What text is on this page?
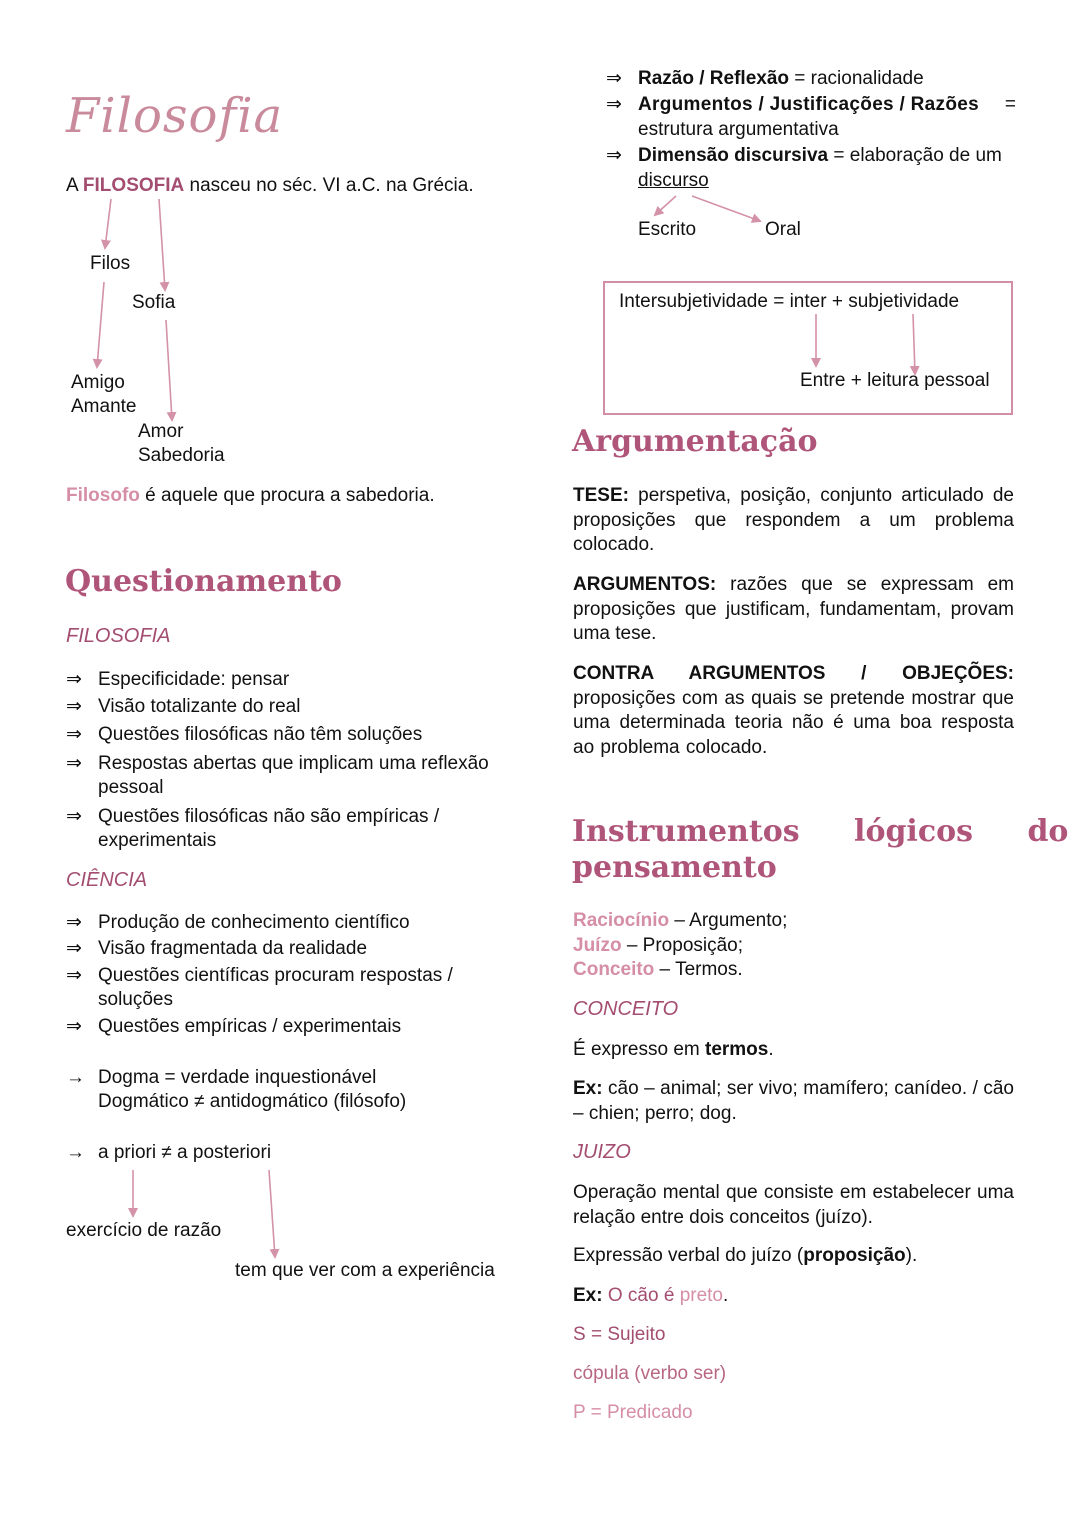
Filosofia
A FILOSOFIA nasceu no séc. VI a.C. na Grécia.
Filos
Sofia
Amigo
Amante
Amor
Sabedoria
Filosofo é aquele que procura a sabedoria.
Questionamento
FILOSOFIA
⇒ Especificidade: pensar
⇒ Visão totalizante do real
⇒ Questões filosóficas não têm soluções
⇒ Respostas abertas que implicam uma reflexão
pessoal
⇒ Questões filosóficas não são empíricas /
experimentais
CIÊNCIA
⇒ Produção de conhecimento científico
⇒ Visão fragmentada da realidade
⇒ Questões científicas procuram respostas /
soluções
⇒ Questões empíricas / experimentais
→ Dogma = verdade inquestionável
Dogmático ≠ antidogmático (filósofo)
→ a priori ≠ a posteriori
exercício de razão
tem que ver com a experiência
⇒ Razão / Reflexão = racionalidade
⇒ Argumentos / Justificações / Razões =
estrutura argumentativa
⇒ Dimensão discursiva = elaboração de um
discurso
Escrito	Oral
Intersubjetividade = inter + subjetividade
Entre + leitura pessoal
Argumentação
TESE: perspetiva, posição, conjunto articulado de proposições que respondem a um problema colocado.
ARGUMENTOS: razões que se expressam em proposições que justificam, fundamentam, provam uma tese.
CONTRA ARGUMENTOS / OBJEÇÕES: proposições com as quais se pretende mostrar que uma determinada teoria não é uma boa resposta ao problema colocado.
Instrumentos lógicos do
pensamento
Raciocínio – Argumento;
Juízo – Proposição;
Conceito – Termos.
CONCEITO
É expresso em termos.
Ex: cão – animal; ser vivo; mamífero; canídeo. / cão – chien; perro; dog.
JUIZO
Operação mental que consiste em estabelecer uma relação entre dois conceitos (juízo).
Expressão verbal do juízo (proposição).
Ex: O cão é preto.
S = Sujeito
cópula (verbo ser)
P = Predicado
